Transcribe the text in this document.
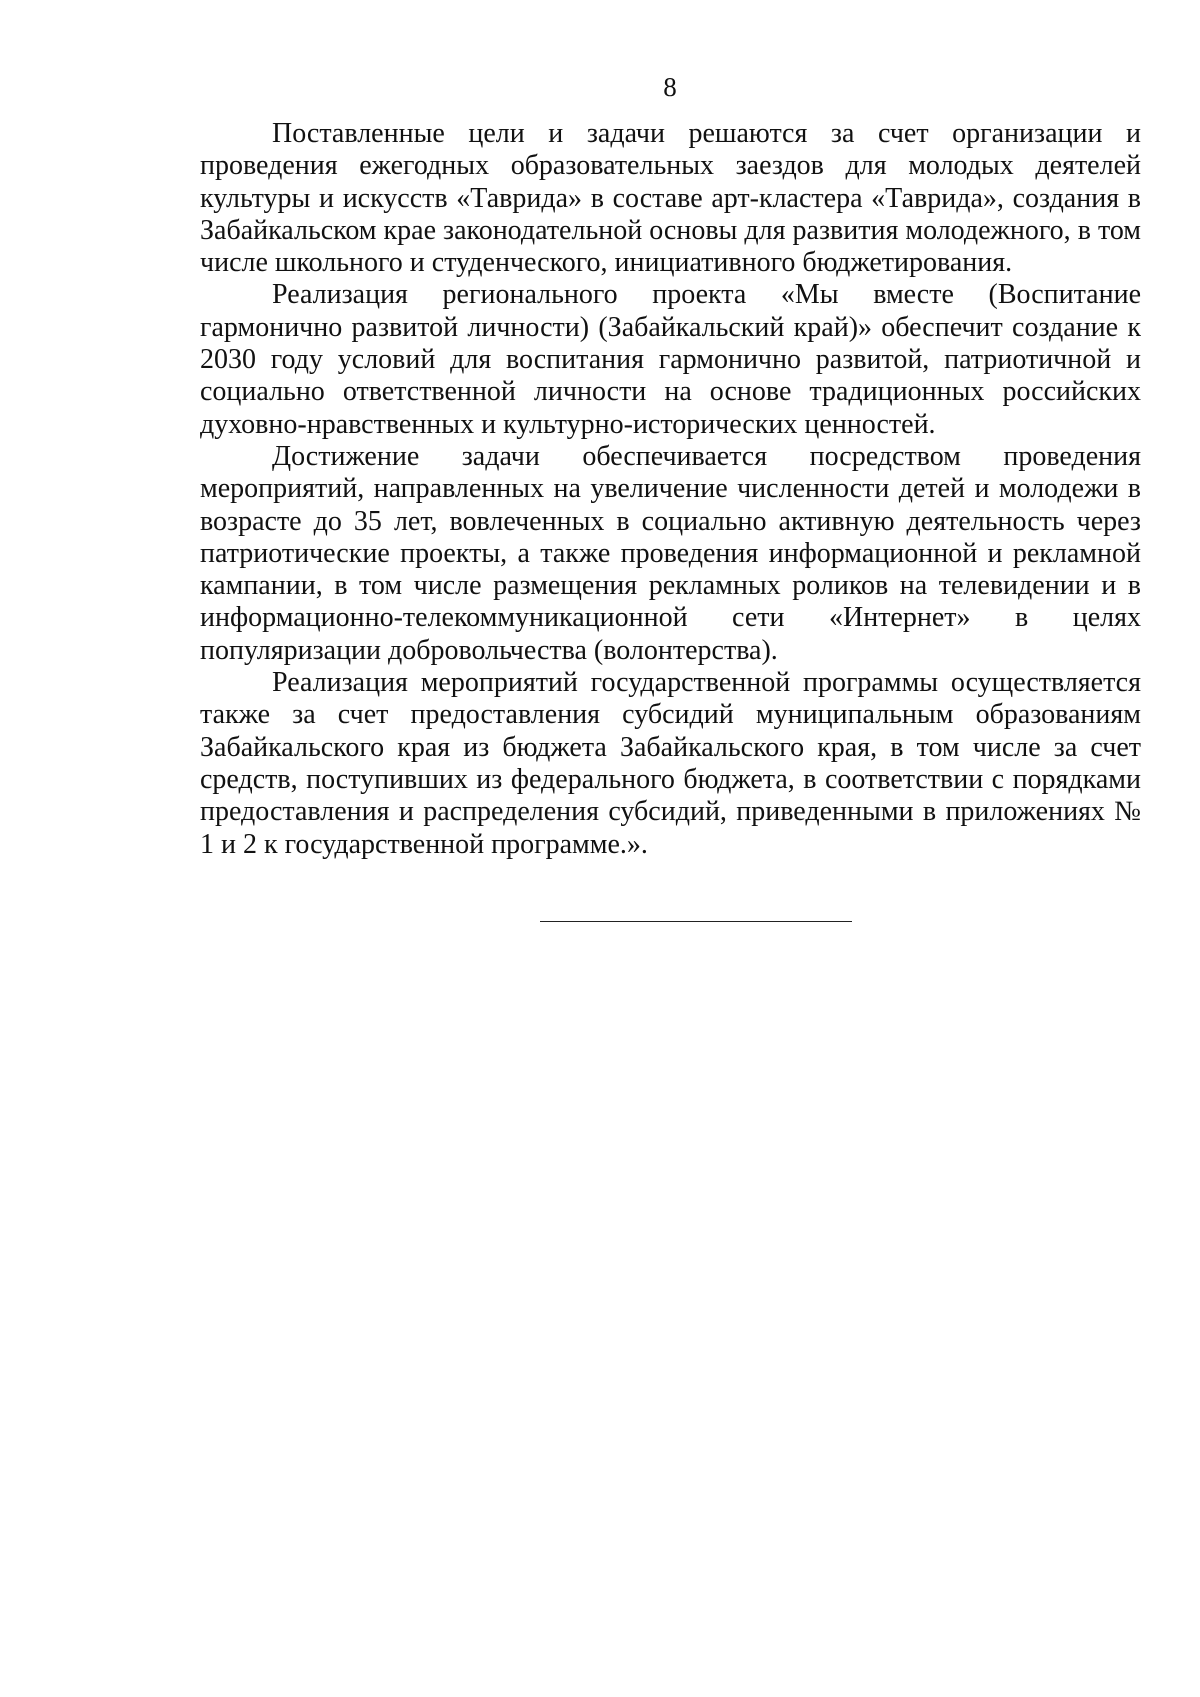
8

Поставленные цели и задачи решаются за счет организации и проведения ежегодных образовательных заездов для молодых деятелей культуры и искусств «Таврида» в составе арт-кластера «Таврида», создания в Забайкальском крае законодательной основы для развития молодежного, в том числе школьного и студенческого, инициативного бюджетирования.

Реализация регионального проекта «Мы вместе (Воспитание гармонично развитой личности) (Забайкальский край)» обеспечит создание к 2030 году условий для воспитания гармонично развитой, патриотичной и социально ответственной личности на основе традиционных российских духовно-нравственных и культурно-исторических ценностей.

Достижение задачи обеспечивается посредством проведения мероприятий, направленных на увеличение численности детей и молодежи в возрасте до 35 лет, вовлеченных в социально активную деятельность через патриотические проекты, а также проведения информационной и рекламной кампании, в том числе размещения рекламных роликов на телевидении и в информационно-телекоммуникационной сети «Интернет» в целях популяризации добровольчества (волонтерства).

Реализация мероприятий государственной программы осуществляется также за счет предоставления субсидий муниципальным образованиям Забайкальского края из бюджета Забайкальского края, в том числе за счет средств, поступивших из федерального бюджета, в соответствии с порядками предоставления и распределения субсидий, приведенными в приложениях № 1 и 2 к государственной программе.».
